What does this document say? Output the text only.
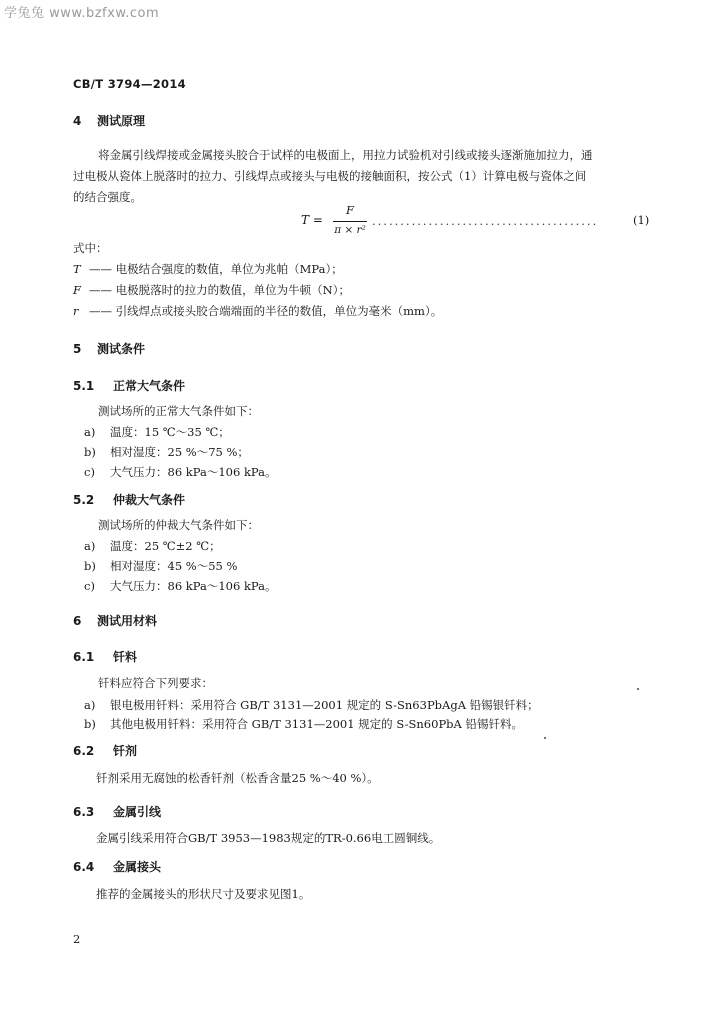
学兔兔 www.bzfxw.com
CB/T 3794—2014
4 测试原理
将金属引线焊接或金属接头胶合于试样的电极面上，用拉力试验机对引线或接头逐渐施加拉力，通
过电极从瓷体上脱落时的拉力、引线焊点或接头与电极的接触面积，按公式（1）计算电极与瓷体之间
的结合强度。
T =
F
π × r²
........................................	(1)
式中：
T —— 电极结合强度的数值，单位为兆帕（MPa）；
F —— 电极脱落时的拉力的数值，单位为牛顿（N）；
r —— 引线焊点或接头胶合端端面的半径的数值，单位为毫米（mm）。
5 测试条件
5.1 正常大气条件
测试场所的正常大气条件如下：
a) 温度：15 ℃～35 ℃；
b) 相对湿度：25 %～75 %；
c) 大气压力：86 kPa～106 kPa。
5.2 仲裁大气条件
测试场所的仲裁大气条件如下：
a) 温度：25 ℃±2 ℃；
b) 相对湿度：45 %～55 %
c) 大气压力：86 kPa～106 kPa。
6 测试用材料
6.1 钎料
钎料应符合下列要求：
a) 银电极用钎料：采用符合 GB/T 3131—2001 规定的 S-Sn63PbAgA 铅锡银钎料；
b) 其他电极用钎料：采用符合 GB/T 3131—2001 规定的 S-Sn60PbA 铅锡钎料。
6.2 钎剂
钎剂采用无腐蚀的松香钎剂（松香含量25 %～40 %）。
6.3 金属引线
金属引线采用符合GB/T 3953—1983规定的TR-0.66电工圆铜线。
6.4 金属接头
推荐的金属接头的形状尺寸及要求见图1。
2
